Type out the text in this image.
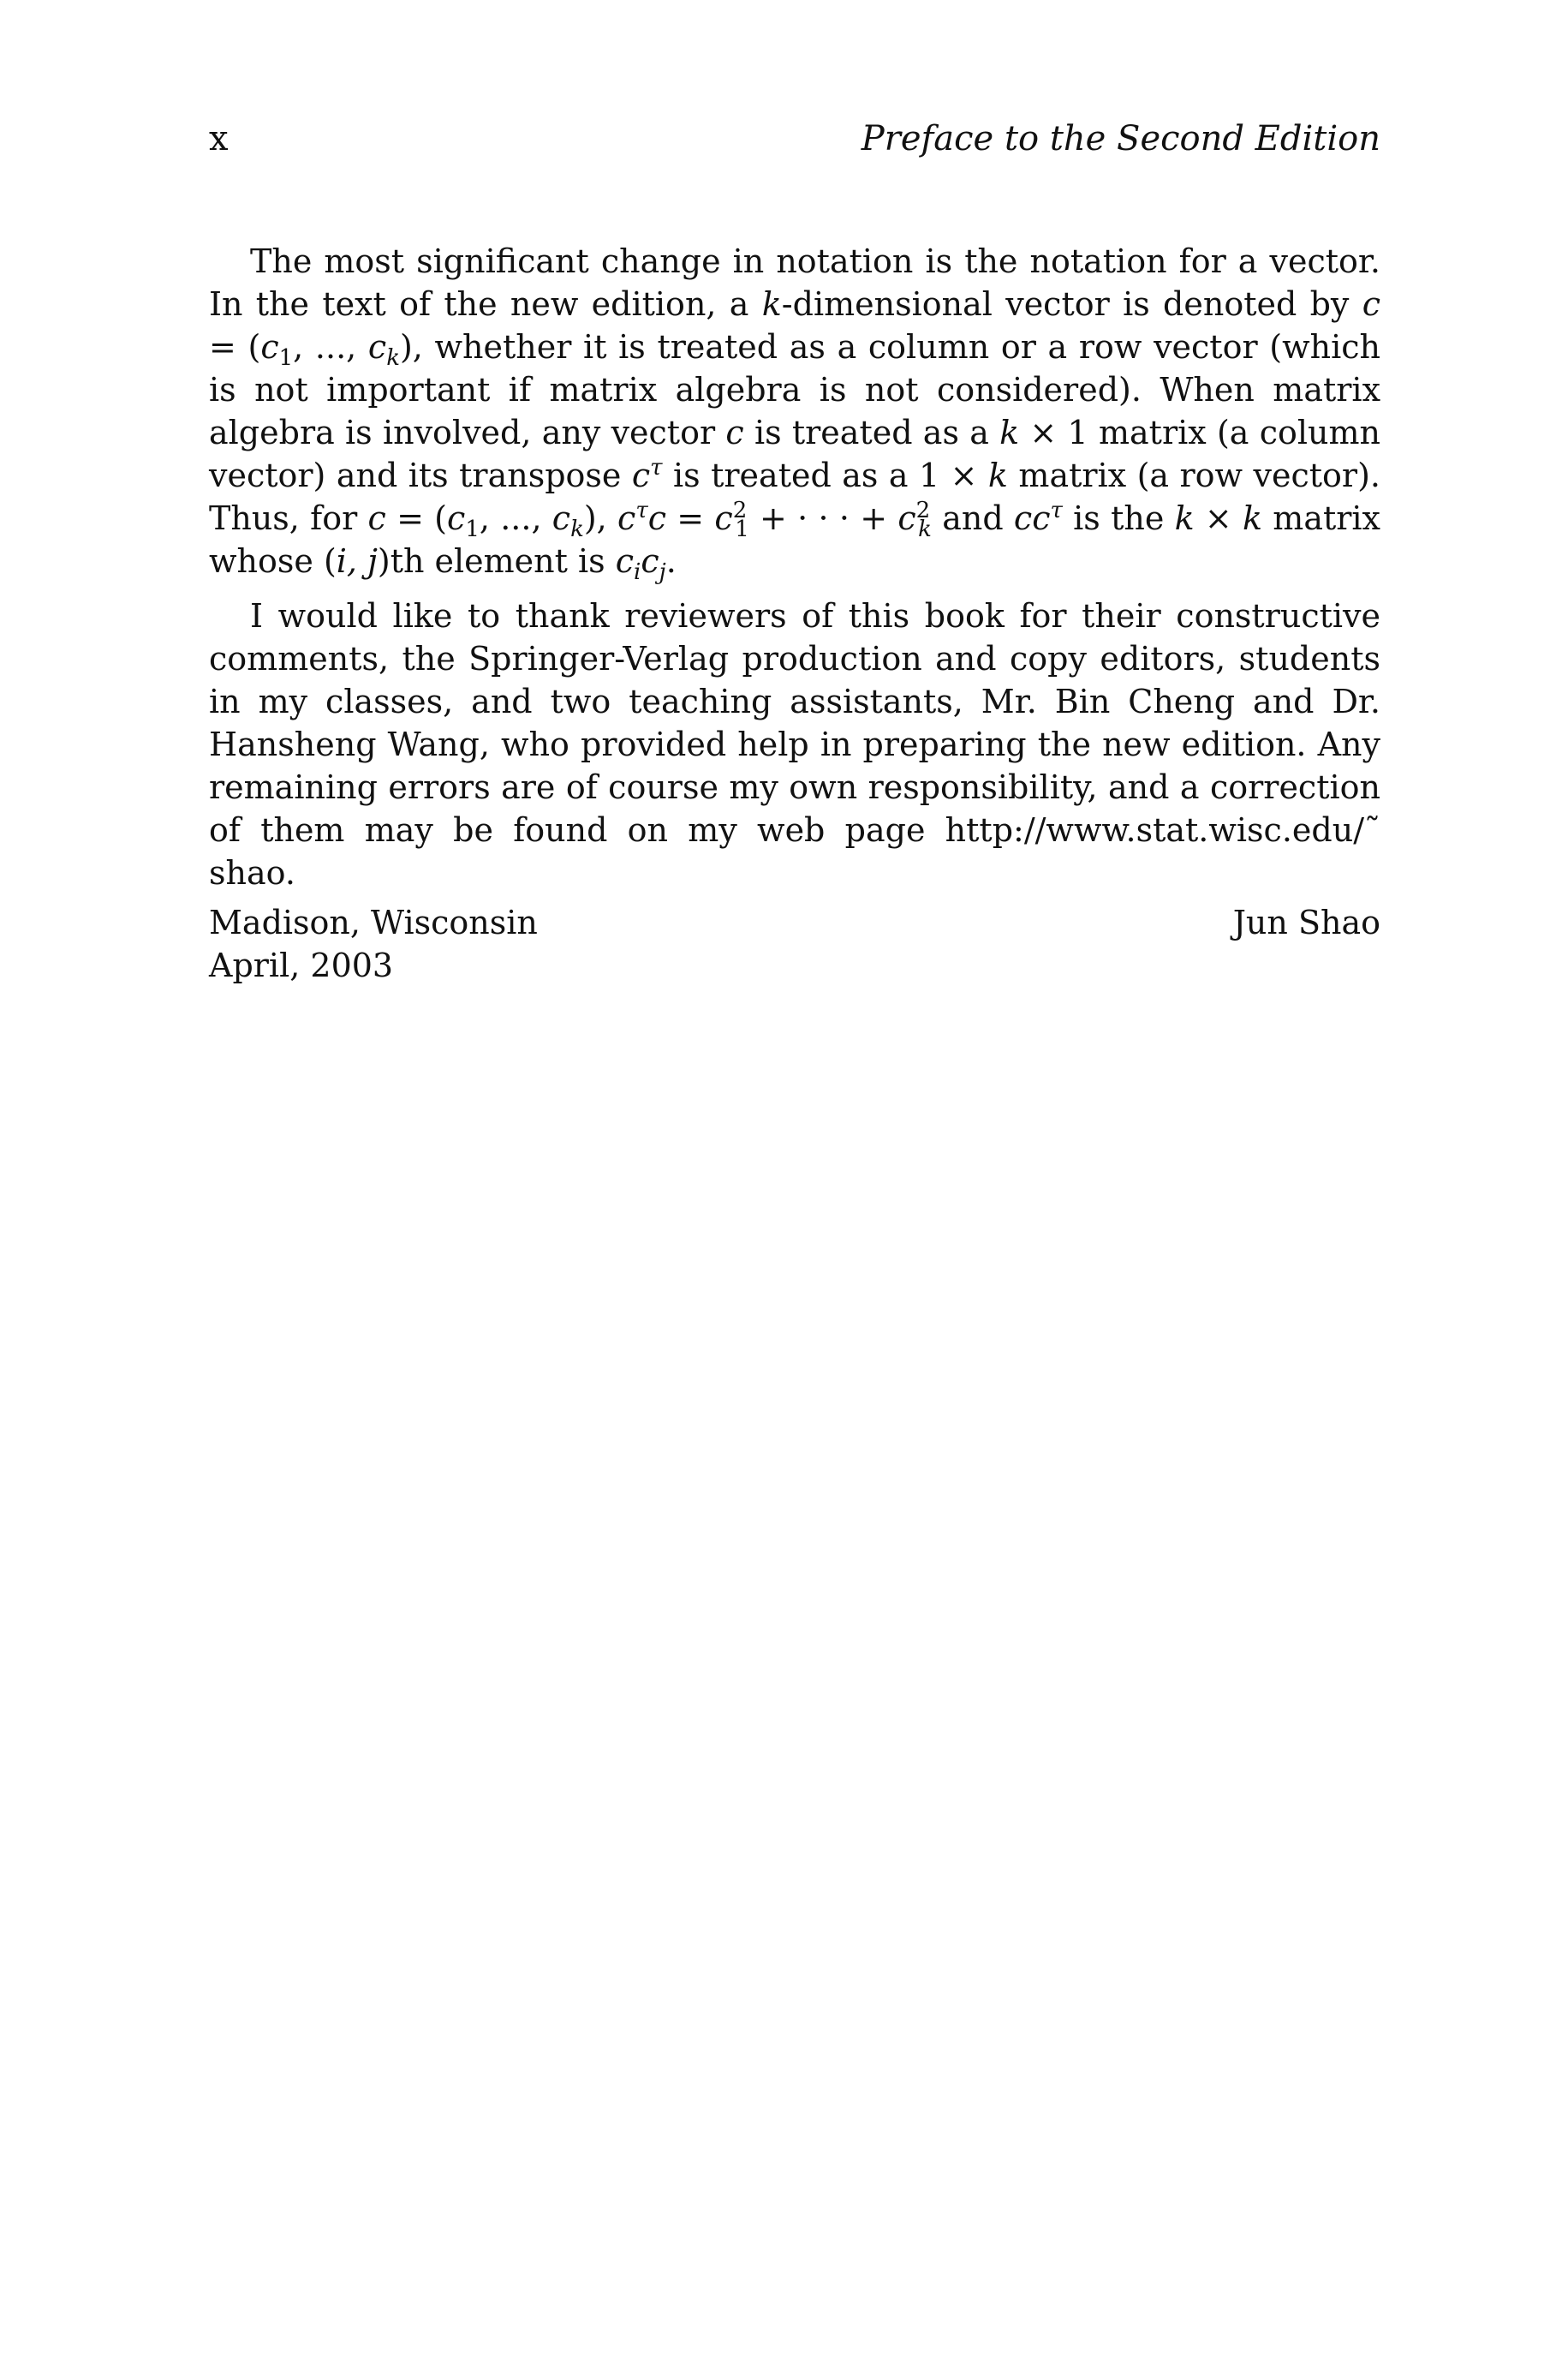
x	Preface to the Second Edition

The most significant change in notation is the notation for a vector. In the text of the new edition, a k-dimensional vector is denoted by $c = (c_1$, ..., $c_k$), whether it is treated as a column or a row vector (which is not important if matrix algebra is not considered). When matrix algebra is involved, any vector c is treated as a k × 1 matrix (a column vector) and its transpose $c^\tau$ is treated as a 1 × k matrix (a row vector). Thus, for $c = (c_1$, ..., $c_k$), $c^\tau c = c^2_1$ + · · · + $c^2_k$ and $cc^\tau$ is the k × k matrix whose (i, j)th element is $c_ic_j$.

I would like to thank reviewers of this book for their constructive comments, the Springer-Verlag production and copy editors, students in my classes, and two teaching assistants, Mr. Bin Cheng and Dr. Hansheng Wang, who provided help in preparing the new edition. Any remaining errors are of course my own responsibility, and a correction of them may be found on my web page http://www.stat.wisc.edu/˜ shao.

Madison, Wisconsin
April, 2003
Jun Shao
